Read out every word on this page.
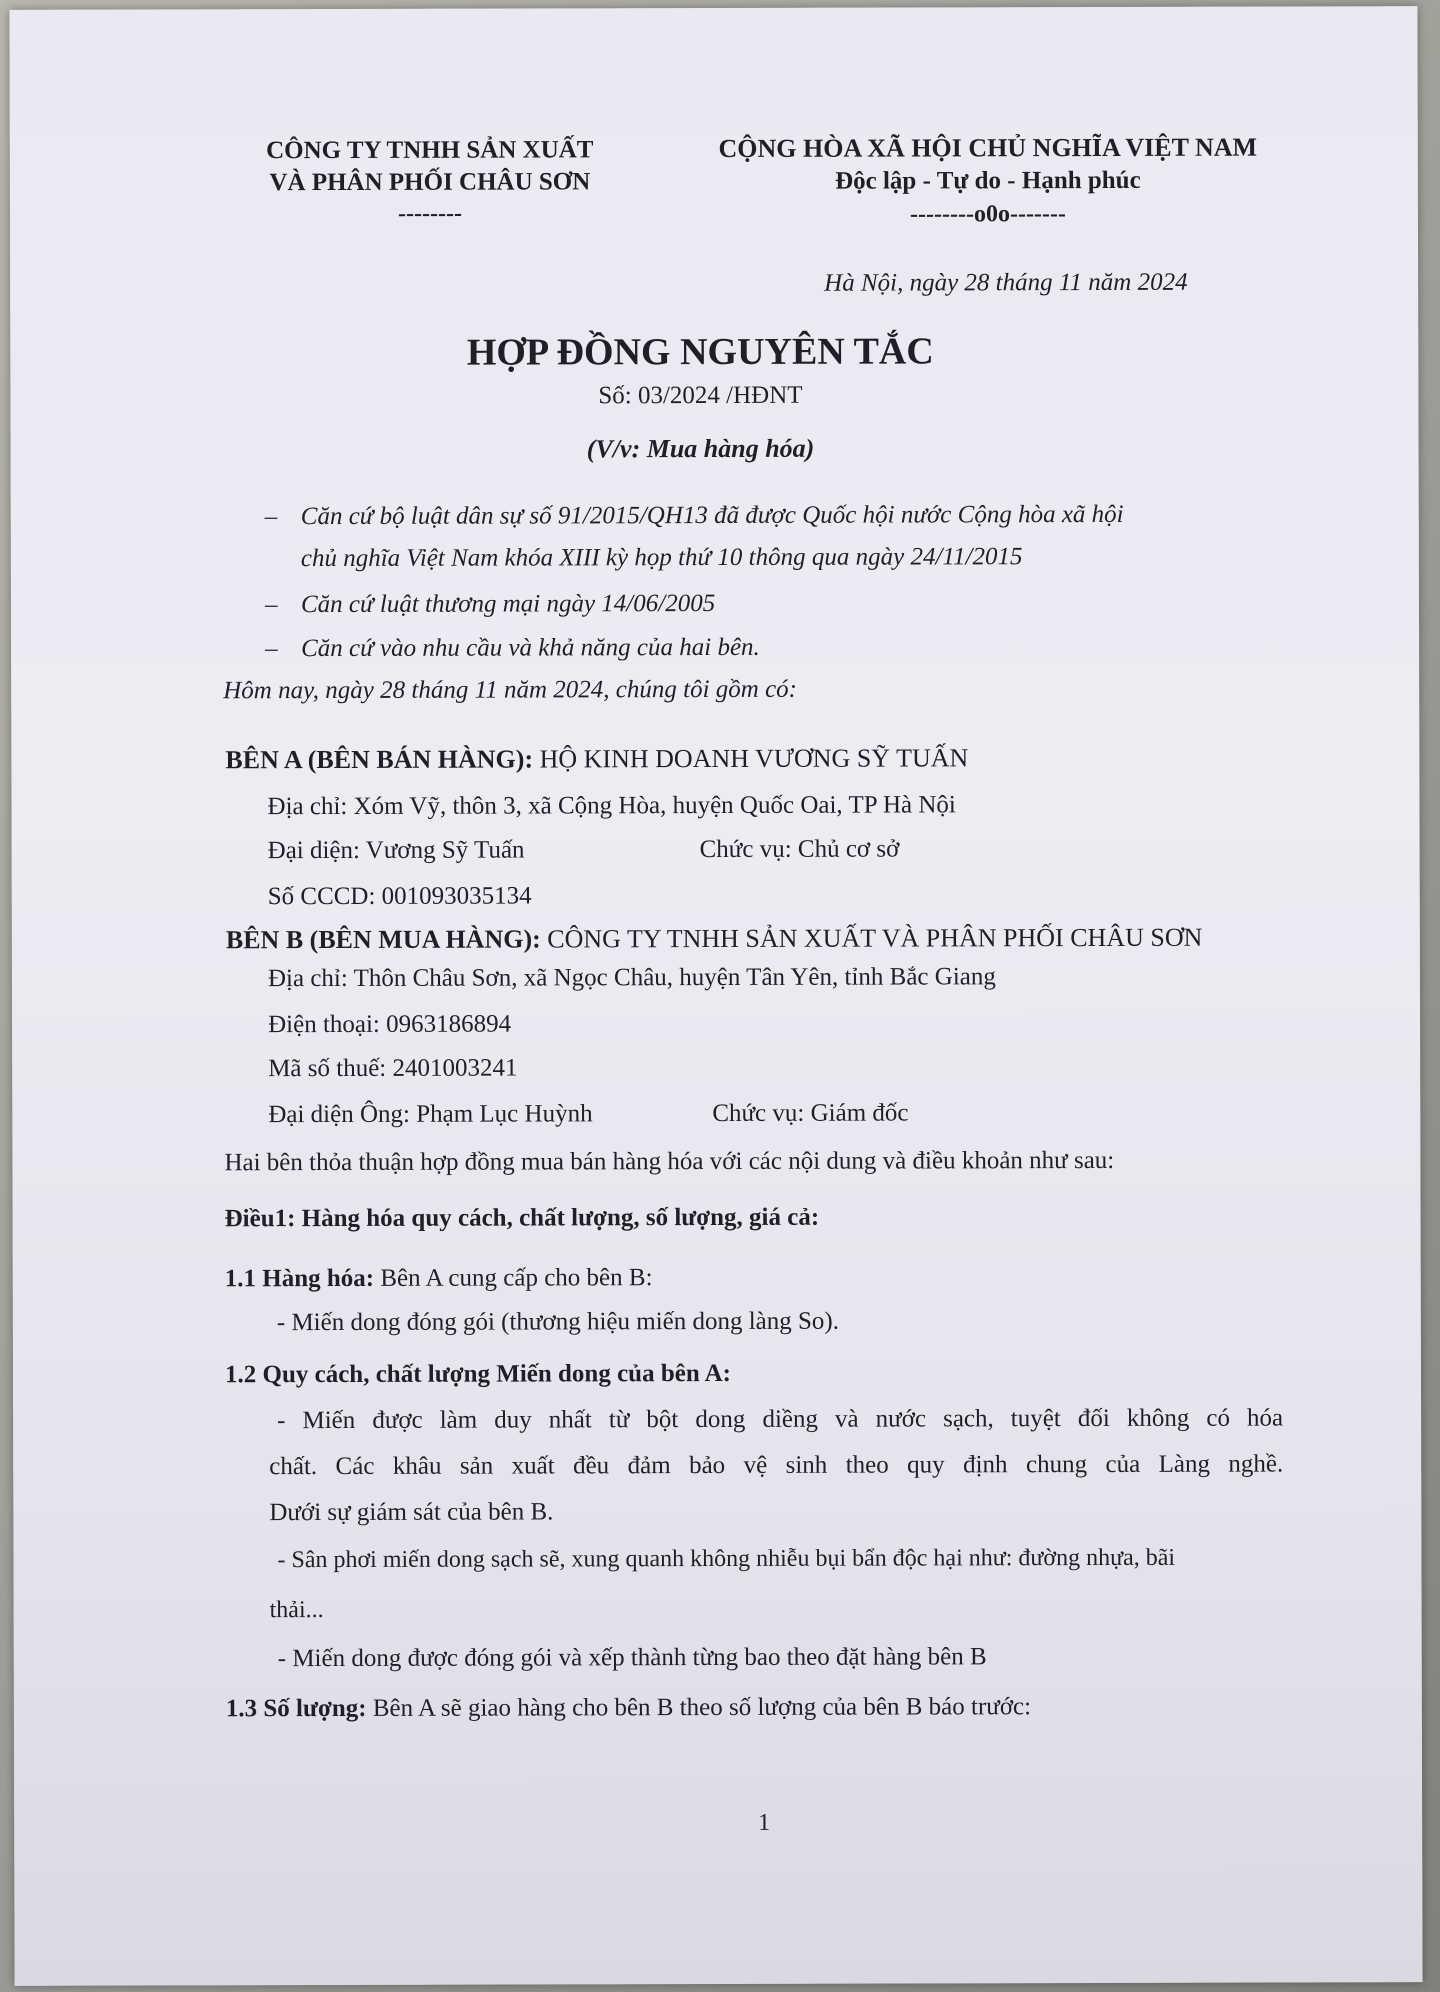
CÔNG TY TNHH SẢN XUẤT
VÀ PHÂN PHỐI CHÂU SƠN
--------
CỘNG HÒA XÃ HỘI CHỦ NGHĨA VIỆT NAM
Độc lập - Tự do - Hạnh phúc
--------o0o-------
Hà Nội, ngày 28 tháng 11 năm 2024
HỢP ĐỒNG NGUYÊN TẮC
Số: 03/2024 /HĐNT
(V/v: Mua hàng hóa)
– Căn cứ bộ luật dân sự số 91/2015/QH13 đã được Quốc hội nước Cộng hòa xã hội
chủ nghĩa Việt Nam khóa XIII kỳ họp thứ 10 thông qua ngày 24/11/2015
– Căn cứ luật thương mại ngày 14/06/2005
– Căn cứ vào nhu cầu và khả năng của hai bên.
Hôm nay, ngày 28 tháng 11 năm 2024, chúng tôi gồm có:
BÊN A (BÊN BÁN HÀNG): HỘ KINH DOANH VƯƠNG SỸ TUẤN
Địa chỉ: Xóm Vỹ, thôn 3, xã Cộng Hòa, huyện Quốc Oai, TP Hà Nội
Đại diện: Vương Sỹ Tuấn	Chức vụ: Chủ cơ sở
Số CCCD: 001093035134
BÊN B (BÊN MUA HÀNG): CÔNG TY TNHH SẢN XUẤT VÀ PHÂN PHỐI CHÂU SƠN
Địa chỉ: Thôn Châu Sơn, xã Ngọc Châu, huyện Tân Yên, tỉnh Bắc Giang
Điện thoại: 0963186894
Mã số thuế: 2401003241
Đại diện Ông: Phạm Lục Huỳnh	Chức vụ: Giám đốc
Hai bên thỏa thuận hợp đồng mua bán hàng hóa với các nội dung và điều khoản như sau:
Điều1: Hàng hóa quy cách, chất lượng, số lượng, giá cả:
1.1 Hàng hóa: Bên A cung cấp cho bên B:
- Miến dong đóng gói (thương hiệu miến dong làng So).
1.2 Quy cách, chất lượng Miến dong của bên A:
- Miến được làm duy nhất từ bột dong diềng và nước sạch, tuyệt đối không có hóa
chất. Các khâu sản xuất đều đảm bảo vệ sinh theo quy định chung của Làng nghề.
Dưới sự giám sát của bên B.
- Sân phơi miến dong sạch sẽ, xung quanh không nhiễu bụi bẩn độc hại như: đường nhựa, bãi
thải...
- Miến dong được đóng gói và xếp thành từng bao theo đặt hàng bên B
1.3 Số lượng: Bên A sẽ giao hàng cho bên B theo số lượng của bên B báo trước:
1
